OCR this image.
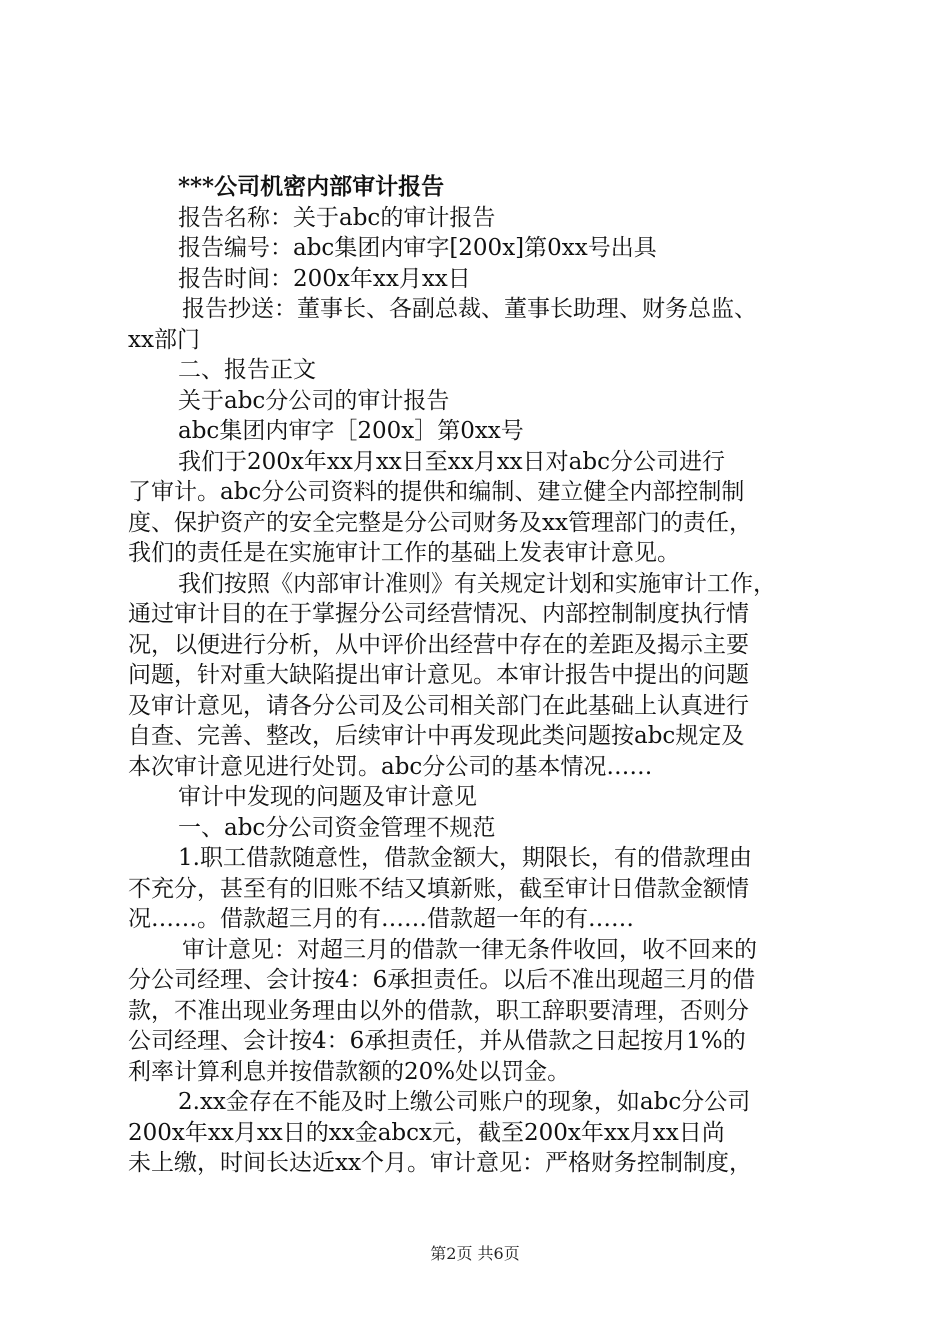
***公司机密内部审计报告

报告名称：关于abc的审计报告

报告编号：abc集团内审字[200x]第0xx号出具

报告时间：200x年xx月xx日

报告抄送：董事长、各副总裁、董事长助理、财务总监、

xx部门

二、报告正文

关于abc分公司的审计报告

abc集团内审字［200x］第0xx号

我们于200x年xx月xx日至xx月xx日对abc分公司进行

了审计。abc分公司资料的提供和编制、建立健全内部控制制

度、保护资产的安全完整是分公司财务及xx管理部门的责任，

我们的责任是在实施审计工作的基础上发表审计意见。

我们按照《内部审计准则》有关规定计划和实施审计工作，

通过审计目的在于掌握分公司经营情况、内部控制制度执行情

况，以便进行分析，从中评价出经营中存在的差距及揭示主要

问题，针对重大缺陷提出审计意见。本审计报告中提出的问题

及审计意见，请各分公司及公司相关部门在此基础上认真进行

自查、完善、整改，后续审计中再发现此类问题按abc规定及

本次审计意见进行处罚。abc分公司的基本情况……

审计中发现的问题及审计意见

一、abc分公司资金管理不规范

1.职工借款随意性，借款金额大，期限长，有的借款理由

不充分，甚至有的旧账不结又填新账，截至审计日借款金额情

况……。借款超三月的有……借款超一年的有……

审计意见：对超三月的借款一律无条件收回，收不回来的

分公司经理、会计按4：6承担责任。以后不准出现超三月的借

款，不准出现业务理由以外的借款，职工辞职要清理，否则分

公司经理、会计按4：6承担责任，并从借款之日起按月1%的

利率计算利息并按借款额的20%处以罚金。

2.xx金存在不能及时上缴公司账户的现象，如abc分公司

200x年xx月xx日的xx金abcx元，截至200x年xx月xx日尚

未上缴，时间长达近xx个月。审计意见：严格财务控制制度，

第2页 共6页
